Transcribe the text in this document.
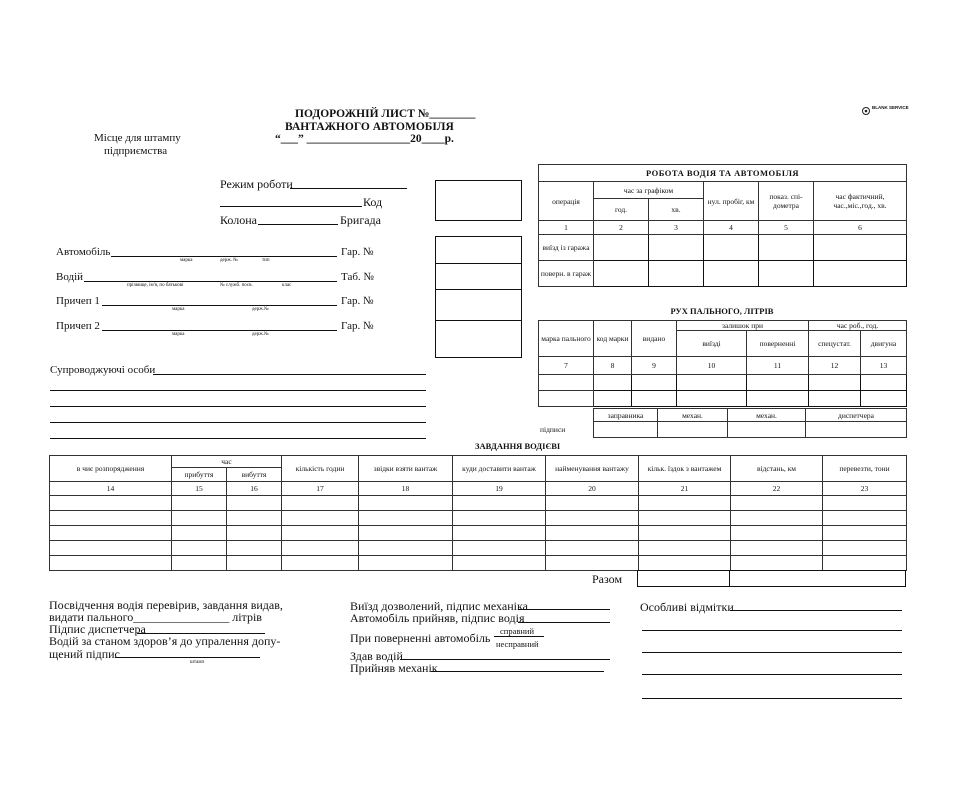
BLANK SERVICE
ПОДОРОЖНІЙ ЛИСТ №________
ВАНТАЖНОГО АВТОМОБІЛЯ
“___” __________________20____р.
Місце для штампу
підприємства
Режим роботи
Код
Колона	Бригада
Автомобіль
марка	держ. №	тип
Гар. №
Водій
прізвище, ім'я, по батькові	№ служб. посв.	клас
Таб. №
Причеп 1
марка	держ.№
Гар. №
Причеп 2
марка	держ.№
Гар. №
Супроводжуючі особи
РОБОТА ВОДІЯ ТА АВТОМОБІЛЯ					
операція	час за графіком		нул. пробіг, км	показ. спі-дометра	час фактичний, час.,міс.,год., хв.
	год.	хв.			
1	2	3	4	5	6
виїзд із гаража					
поверн. в гараж					
РУХ ПАЛЬНОГО, ЛІТРІВ
марка пального	код марки	видано	залишок при		час роб., год.	
			виїзді	поверненні	спецустат.	двигуна
7	8	9	10	11	12	13

підписи
заправника	механ.	механ.	диспетчера

ЗАВДАННЯ ВОДІЄВІ
в чиє розпорядження	час		кількість годин	звідки взяти вантаж	куди доставити вантаж	найменування вантажу	кільк. їздок з вантажем	відстань, км	перевезти, тони
	прибуття	вибуття							
14	15	16	17	18	19	20	21	22	23

Разом
Посвідчення водія перевірив, завдання видав,
видати пального________________ літрів
Підпис диспетчера
Водій за станом здоров’я до упралення допу-
щений підпис
штамп
Виїзд дозволений, підпис механіка
Автомобіль прийняв, підпис водія
При поверненні автомобіль справний
несправний
Здав водій
Прийняв механік
Особливі відмітки
